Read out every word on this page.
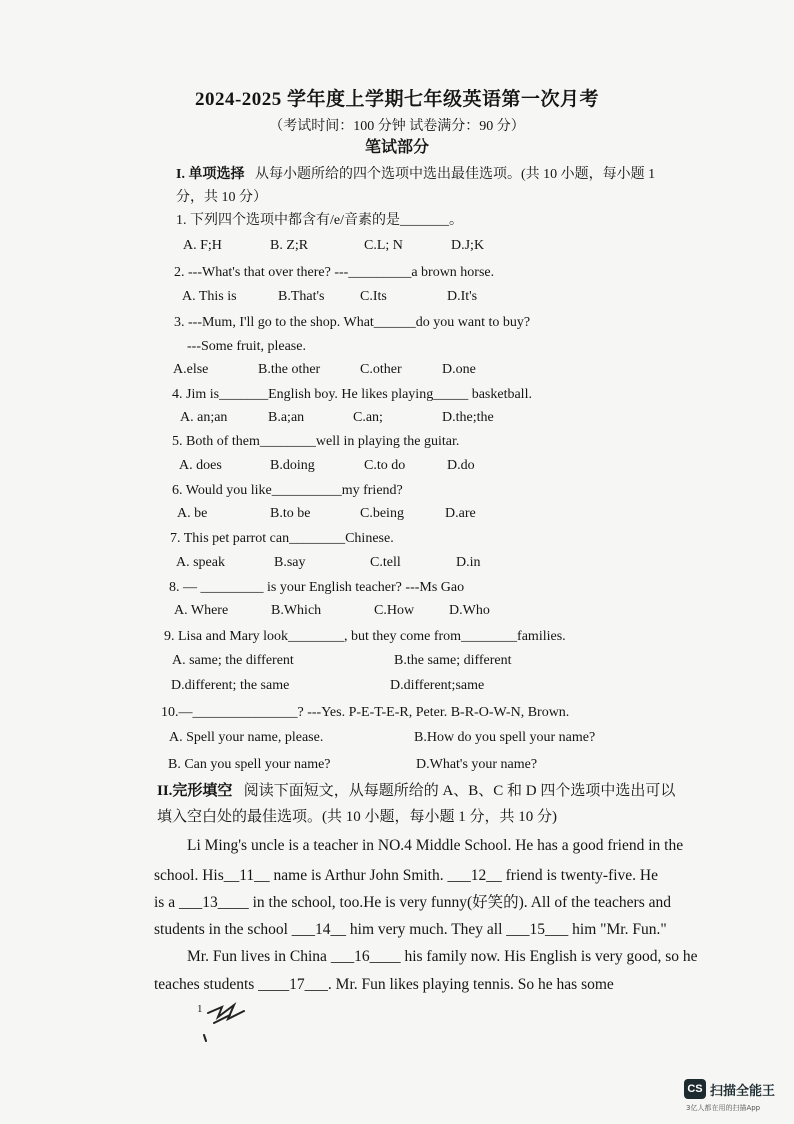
2024-2025 学年度上学期七年级英语第一次月考
（考试时间：100 分钟 试卷满分：90 分）
笔试部分
I. 单项选择 从每小题所给的四个选项中选出最佳选项。(共 10 小题，每小题 1
分，共 10 分）
1. 下列四个选项中都含有/e/音素的是_______。
A. F;H	B. Z;R	C.L; N	D.J;K
2. ---What's that over there? ---_________a brown horse.
A. This is	B.That's	C.Its	D.It's
3. ---Mum, I'll go to the shop. What______do you want to buy?
---Some fruit, please.
A.else	B.the other	C.other	D.one
4. Jim is_______English boy. He likes playing_____ basketball.
A. an;an	B.a;an	C.an;	D.the;the
5. Both of them________well in playing the guitar.
A. does	B.doing	C.to do	D.do
6. Would you like__________my friend?
A. be	B.to be	C.being	D.are
7. This pet parrot can________Chinese.
A. speak	B.say	C.tell	D.in
8. — _________ is your English teacher? ---Ms Gao
A. Where	B.Which	C.How D.Who
9. Lisa and Mary look________, but they come from________families.
A. same; the different	B.the same; different
D.different; the same	D.different;same
10.—_______________? ---Yes. P-E-T-E-R, Peter. B-R-O-W-N, Brown.
A. Spell your name, please.	B.How do you spell your name?
B. Can you spell your name?	D.What's your name?
II.完形填空 阅读下面短文，从每题所给的 A、B、C 和 D 四个选项中选出可以
填入空白处的最佳选项。(共 10 小题，每小题 1 分，共 10 分)
Li Ming's uncle is a teacher in NO.4 Middle School. He has a good friend in the
school. His__11__ name is Arthur John Smith. ___12__ friend is twenty-five. He
is a ___13____ in the school, too.He is very funny(好笑的). All of the teachers and
students in the school ___14__ him very much. They all ___15___ him "Mr. Fun."
Mr. Fun lives in China ___16____ his family now. His English is very good, so he
teaches students ____17___. Mr. Fun likes playing tennis. So he has some
1
CS 扫描全能王
3亿人都在用的扫描App
